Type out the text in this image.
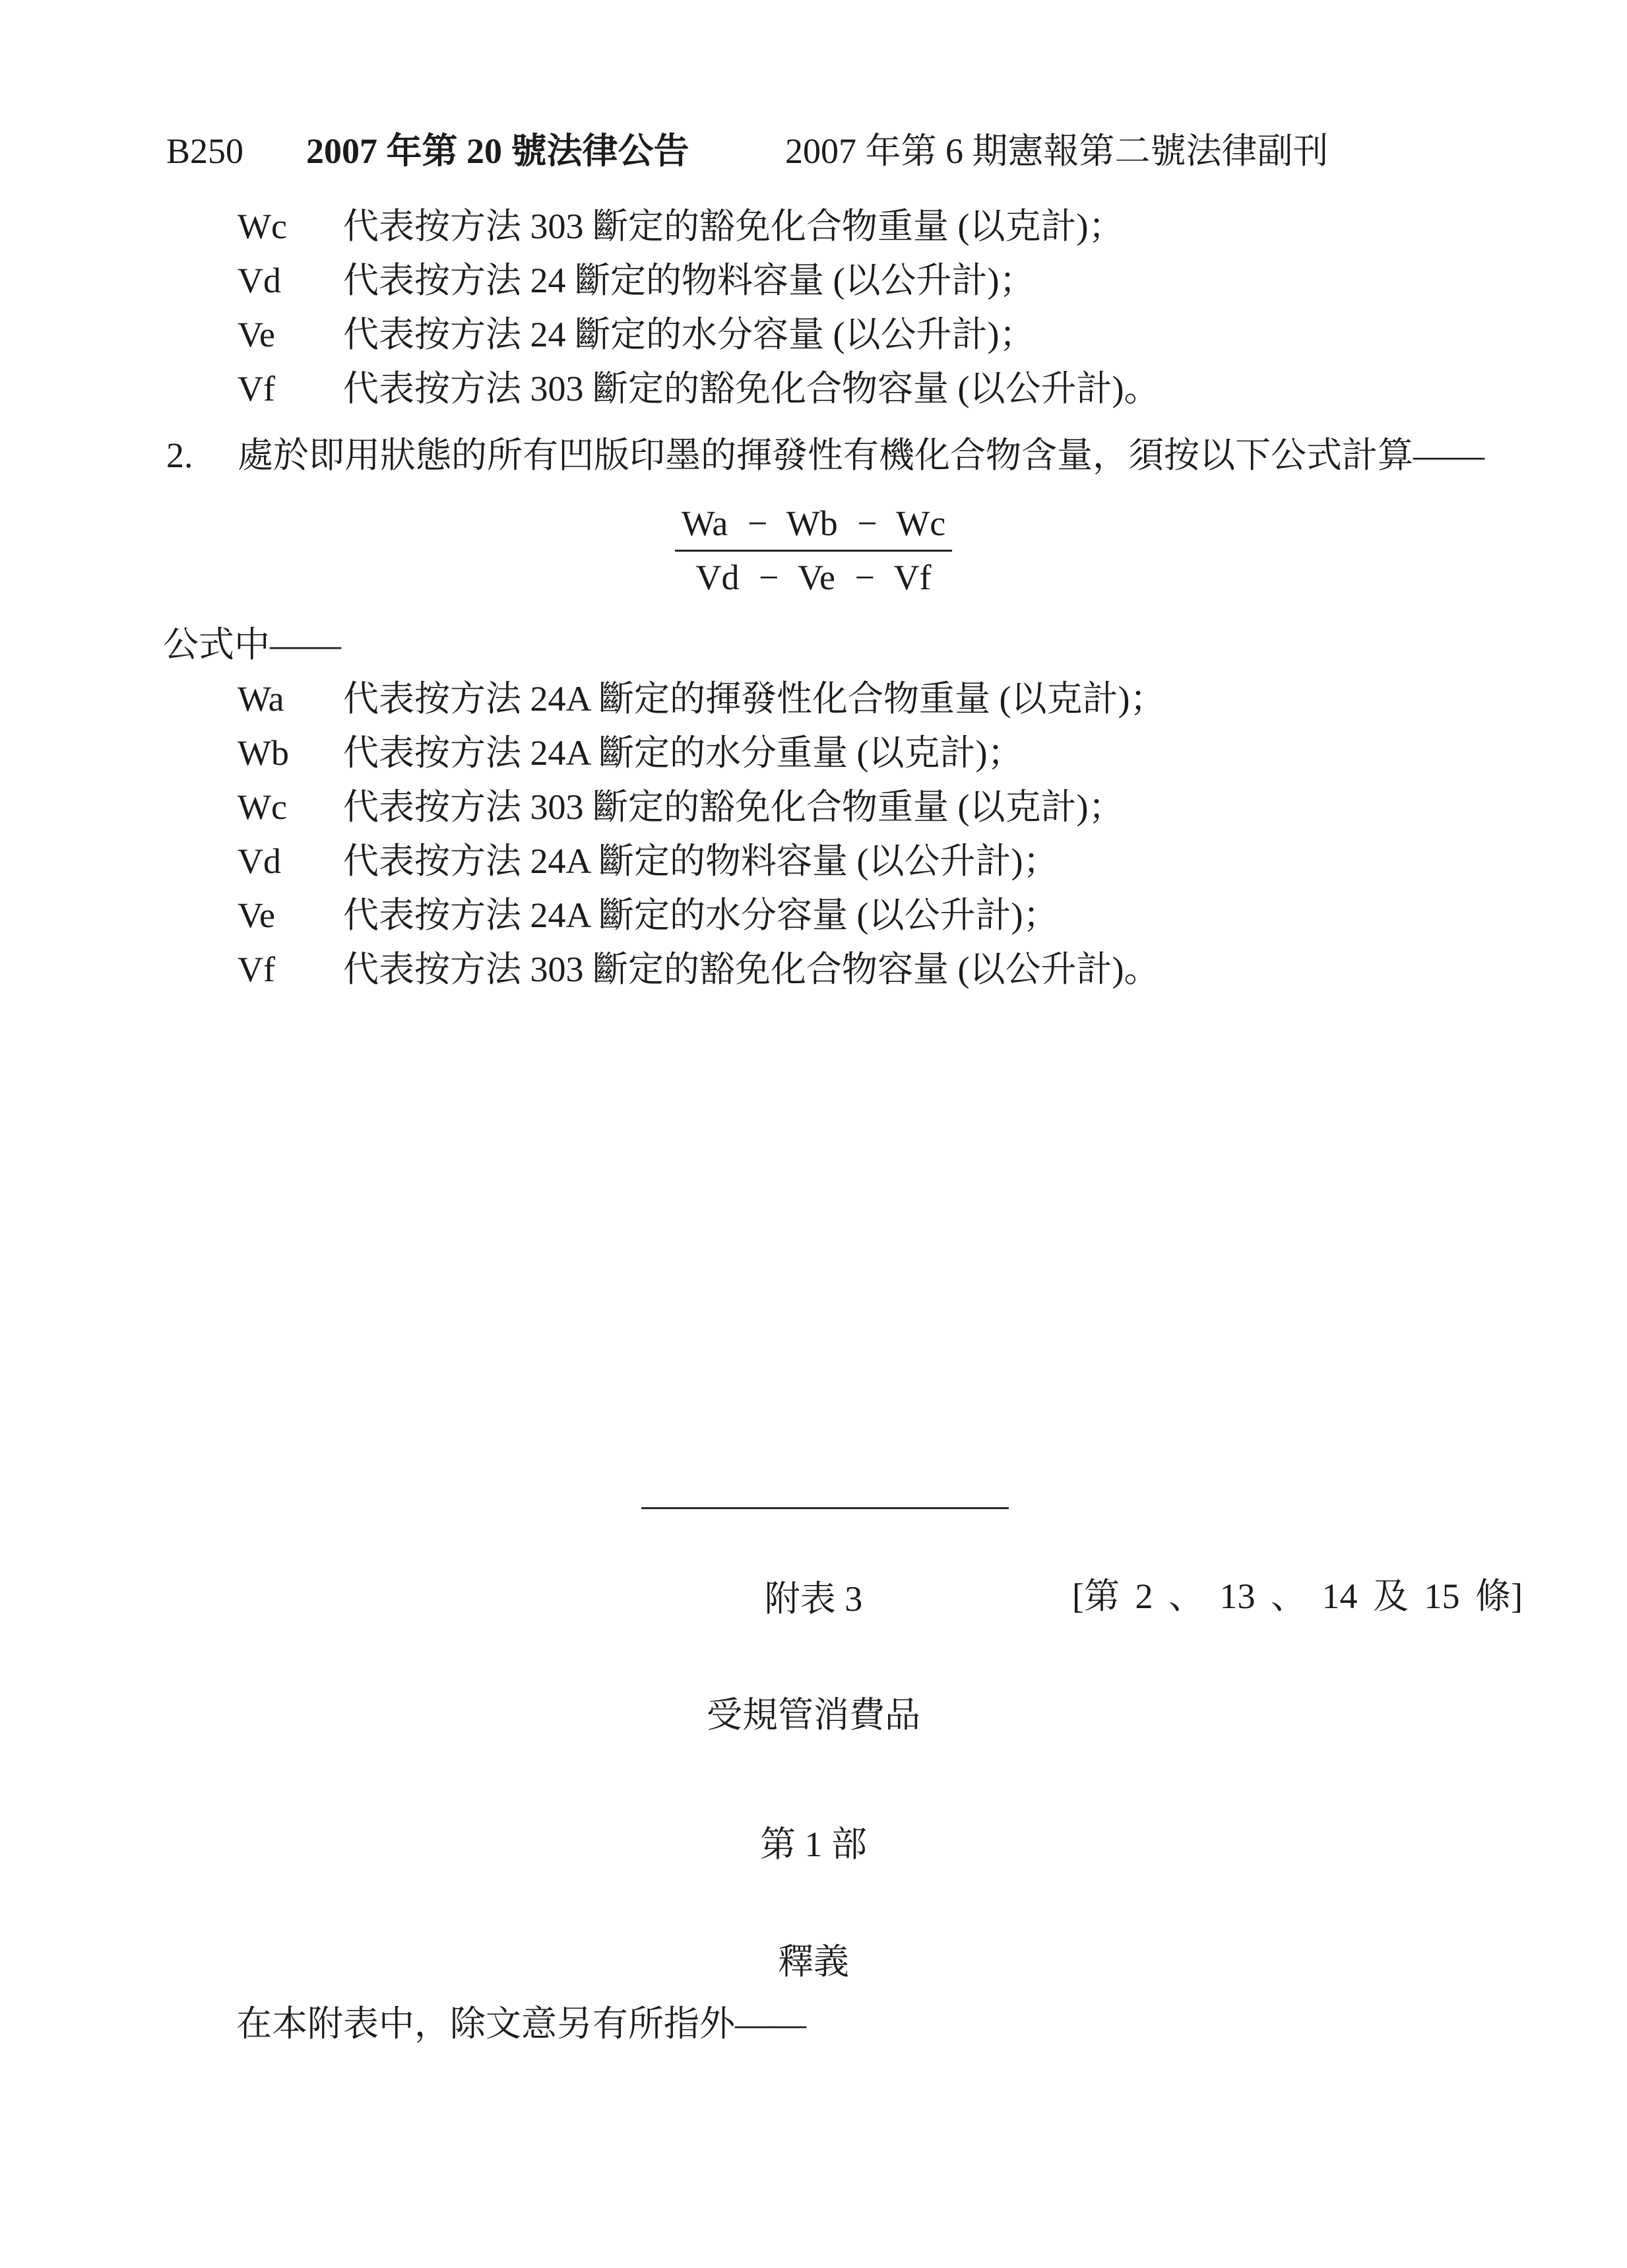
B250 2007 年第 20 號法律公告	2007 年第 6 期憲報第二號法律副刊
Wc 代表按方法 303 斷定的豁免化合物重量 (以克計)；
Vd 代表按方法 24 斷定的物料容量 (以公升計)；
Ve 代表按方法 24 斷定的水分容量 (以公升計)；
Vf 代表按方法 303 斷定的豁免化合物容量 (以公升計)。
2. 處於即用狀態的所有凹版印墨的揮發性有機化合物含量，須按以下公式計算——
Wa − Wb − Wc
Vd − Ve − Vf
公式中——
Wa 代表按方法 24A 斷定的揮發性化合物重量 (以克計)；
Wb 代表按方法 24A 斷定的水分重量 (以克計)；
Wc 代表按方法 303 斷定的豁免化合物重量 (以克計)；
Vd 代表按方法 24A 斷定的物料容量 (以公升計)；
Ve 代表按方法 24A 斷定的水分容量 (以公升計)；
Vf 代表按方法 303 斷定的豁免化合物容量 (以公升計)。
附表 3	[第 2 、 13 、 14 及 15 條]
受規管消費品
第 1 部
釋義
在本附表中，除文意另有所指外——
